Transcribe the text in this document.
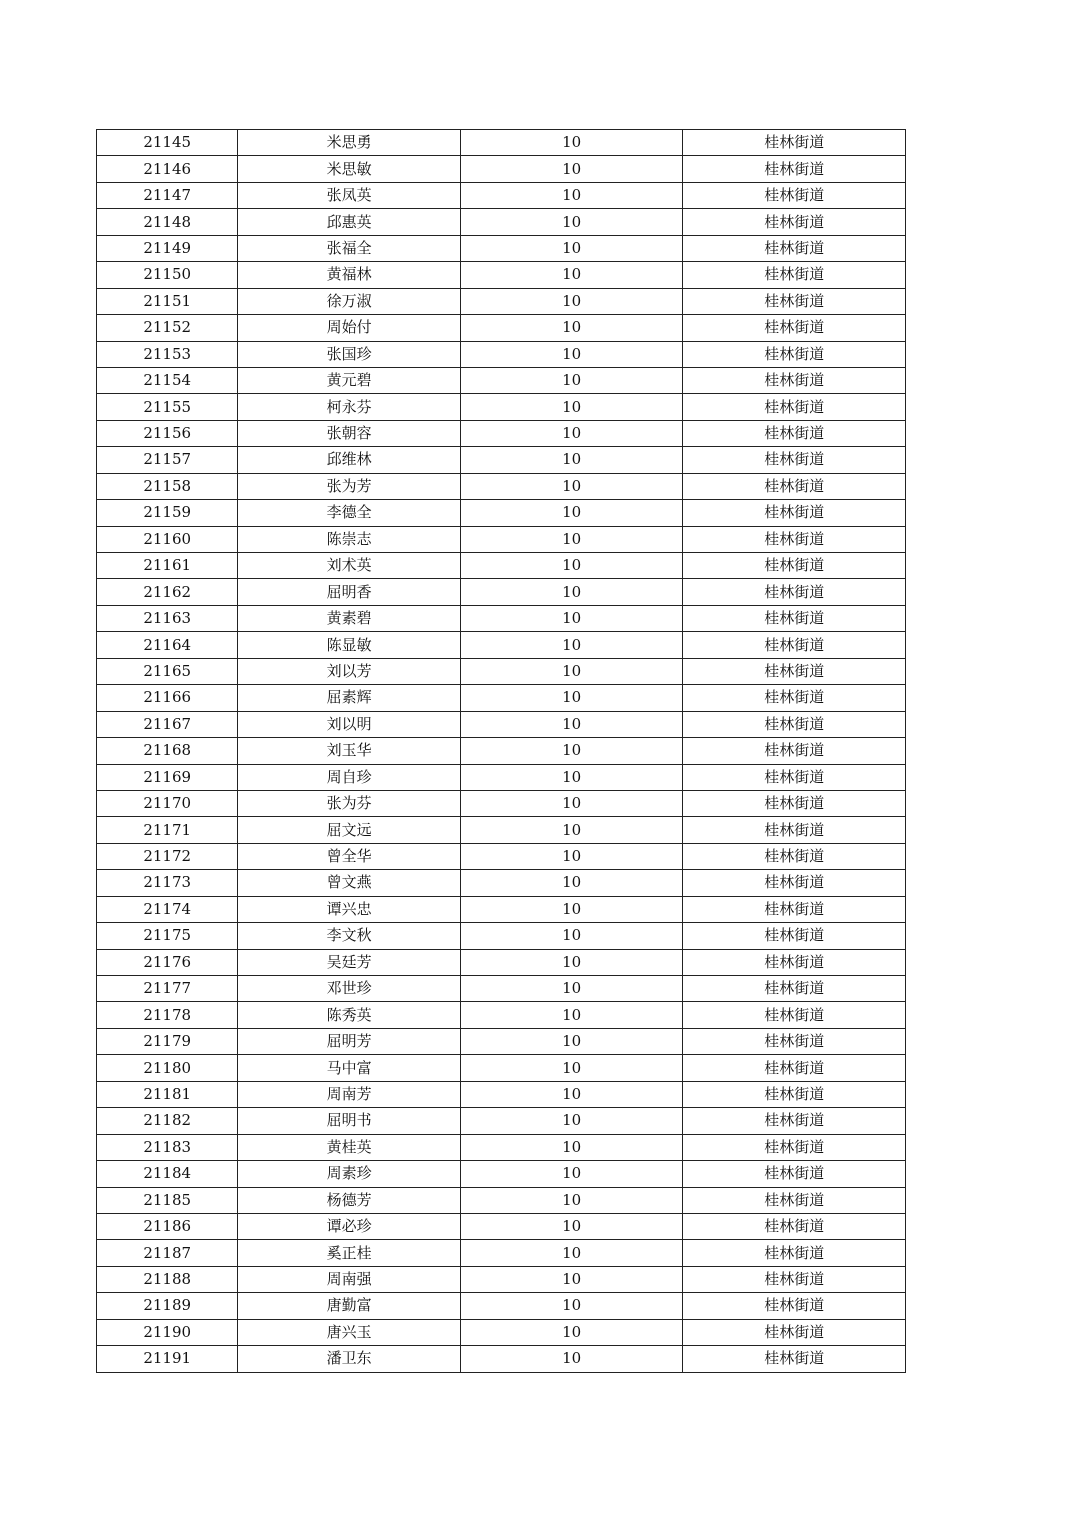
21145	米思勇	10	桂林街道
21146	米思敏	10	桂林街道
21147	张凤英	10	桂林街道
21148	邱惠英	10	桂林街道
21149	张福全	10	桂林街道
21150	黄福林	10	桂林街道
21151	徐万淑	10	桂林街道
21152	周始付	10	桂林街道
21153	张国珍	10	桂林街道
21154	黄元碧	10	桂林街道
21155	柯永芬	10	桂林街道
21156	张朝容	10	桂林街道
21157	邱维林	10	桂林街道
21158	张为芳	10	桂林街道
21159	李德全	10	桂林街道
21160	陈崇志	10	桂林街道
21161	刘术英	10	桂林街道
21162	屈明香	10	桂林街道
21163	黄素碧	10	桂林街道
21164	陈显敏	10	桂林街道
21165	刘以芳	10	桂林街道
21166	屈素辉	10	桂林街道
21167	刘以明	10	桂林街道
21168	刘玉华	10	桂林街道
21169	周自珍	10	桂林街道
21170	张为芬	10	桂林街道
21171	屈文远	10	桂林街道
21172	曾全华	10	桂林街道
21173	曾文燕	10	桂林街道
21174	谭兴忠	10	桂林街道
21175	李文秋	10	桂林街道
21176	吴廷芳	10	桂林街道
21177	邓世珍	10	桂林街道
21178	陈秀英	10	桂林街道
21179	屈明芳	10	桂林街道
21180	马中富	10	桂林街道
21181	周南芳	10	桂林街道
21182	屈明书	10	桂林街道
21183	黄桂英	10	桂林街道
21184	周素珍	10	桂林街道
21185	杨德芳	10	桂林街道
21186	谭必珍	10	桂林街道
21187	奚正桂	10	桂林街道
21188	周南强	10	桂林街道
21189	唐勤富	10	桂林街道
21190	唐兴玉	10	桂林街道
21191	潘卫东	10	桂林街道
